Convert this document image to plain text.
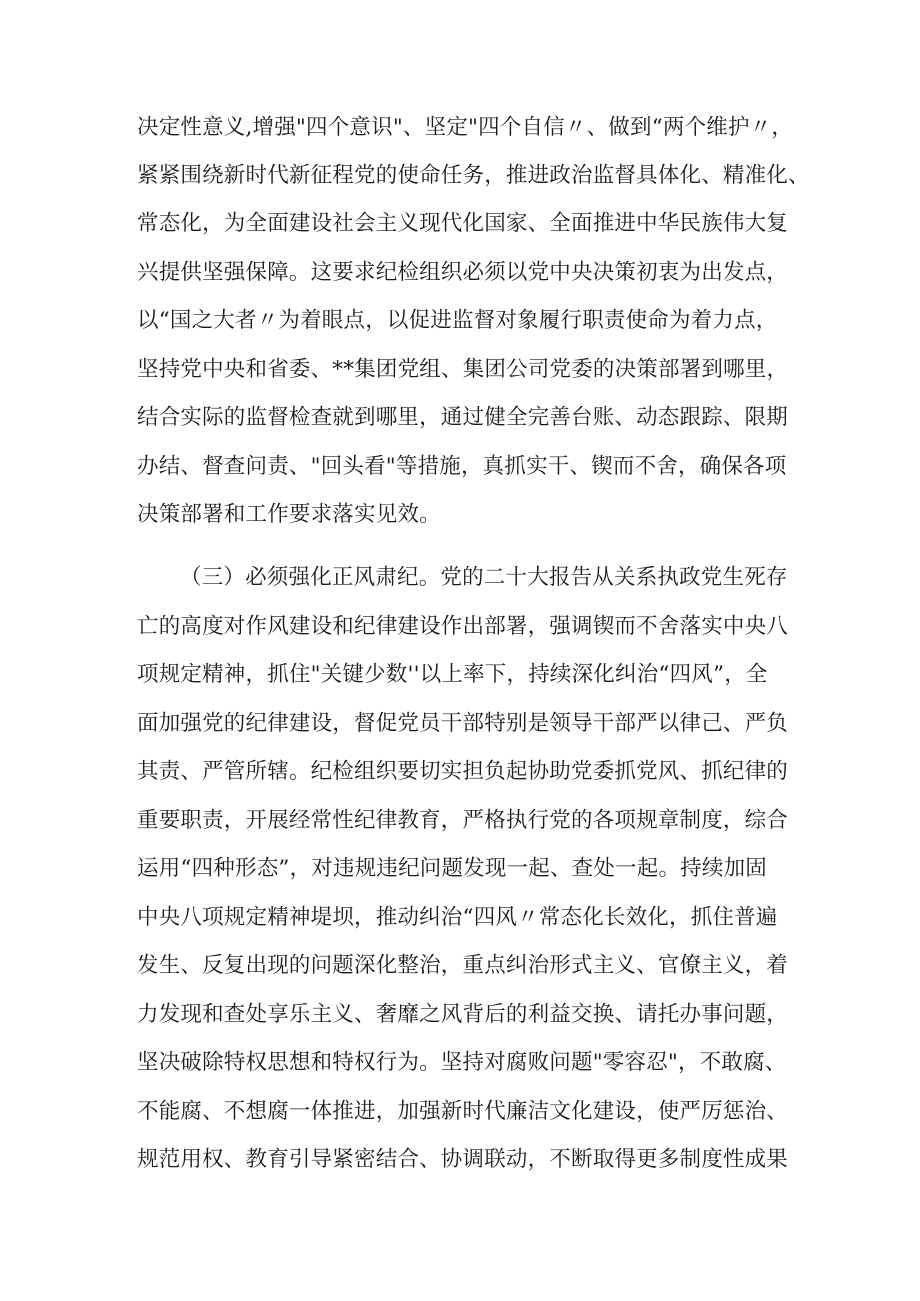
决定性意义,增强"四个意识"、坚定"四个自信〃、做到“两个维护〃，
紧紧围绕新时代新征程党的使命任务，推进政治监督具体化、精准化、
常态化，为全面建设社会主义现代化国家、全面推进中华民族伟大复
兴提供坚强保障。这要求纪检组织必须以党中央决策初衷为出发点，
以“国之大者〃为着眼点，以促进监督对象履行职责使命为着力点，
坚持党中央和省委、**集团党组、集团公司党委的决策部署到哪里，
结合实际的监督检查就到哪里，通过健全完善台账、动态跟踪、限期
办结、督查问责、"回头看"等措施，真抓实干、锲而不舍，确保各项
决策部署和工作要求落实见效。
（三）必须强化正风肃纪。党的二十大报告从关系执政党生死存
亡的高度对作风建设和纪律建设作出部署，强调锲而不舍落实中央八
项规定精神，抓住"关键少数''以上率下，持续深化纠治“四风”，全
面加强党的纪律建设，督促党员干部特别是领导干部严以律己、严负
其责、严管所辖。纪检组织要切实担负起协助党委抓党风、抓纪律的
重要职责，开展经常性纪律教育，严格执行党的各项规章制度，综合
运用“四种形态”，对违规违纪问题发现一起、查处一起。持续加固
中央八项规定精神堤坝，推动纠治“四风〃常态化长效化，抓住普遍
发生、反复出现的问题深化整治，重点纠治形式主义、官僚主义，着
力发现和查处享乐主义、奢靡之风背后的利益交换、请托办事问题，
坚决破除特权思想和特权行为。坚持对腐败问题"零容忍"，不敢腐、
不能腐、不想腐一体推进，加强新时代廉洁文化建设，使严厉惩治、
规范用权、教育引导紧密结合、协调联动，不断取得更多制度性成果
